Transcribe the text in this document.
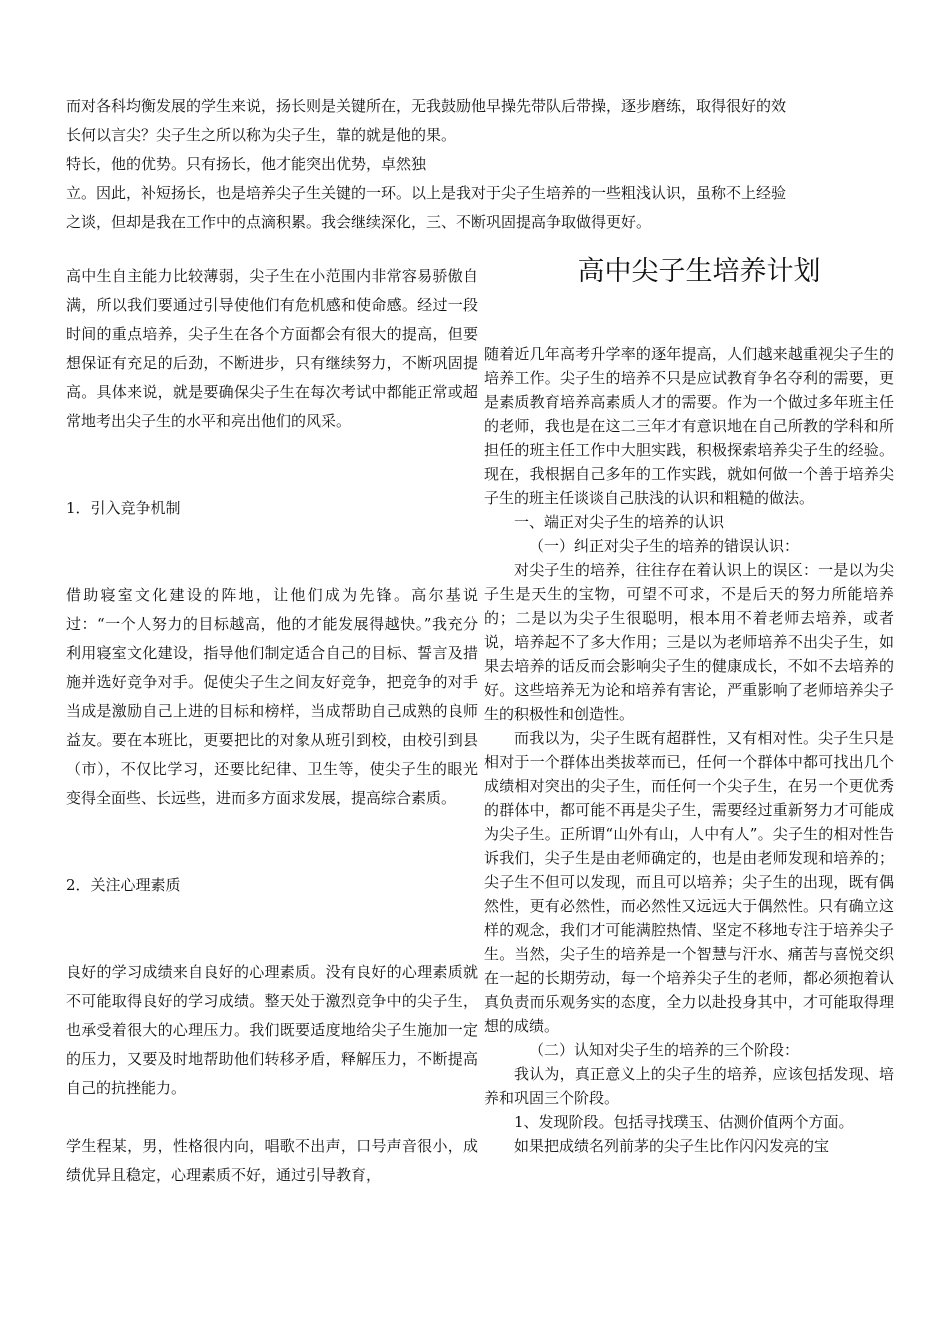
而对各科均衡发展的学生来说，扬长则是关键所在，无我鼓励他早操先带队后带操，逐步磨练，取得很好的效

长何以言尖？尖子生之所以称为尖子生，靠的就是他的果。

特长，他的优势。只有扬长，他才能突出优势，卓然独

立。因此，补短扬长，也是培养尖子生关键的一环。以上是我对于尖子生培养的一些粗浅认识，虽称不上经验

之谈，但却是我在工作中的点滴积累。我会继续深化，三、不断巩固提高争取做得更好。

高中生自主能力比较薄弱，尖子生在小范围内非常容易骄傲自满，所以我们要通过引导使他们有危机感和使命感。经过一段时间的重点培养，尖子生在各个方面都会有很大的提高，但要想保证有充足的后劲，不断进步，只有继续努力，不断巩固提高。具体来说，就是要确保尖子生在每次考试中都能正常或超常地考出尖子生的水平和亮出他们的风采。

1．引入竞争机制

借助寝室文化建设的阵地，让他们成为先锋。高尔基说过：“一个人努力的目标越高，他的才能发展得越快。”我充分利用寝室文化建设，指导他们制定适合自己的目标、誓言及措施并选好竞争对手。促使尖子生之间友好竞争，把竞争的对手当成是激励自己上进的目标和榜样，当成帮助自己成熟的良师益友。要在本班比，更要把比的对象从班引到校，由校引到县（市），不仅比学习，还要比纪律、卫生等，使尖子生的眼光变得全面些、长远些，进而多方面求发展，提高综合素质。

2．关注心理素质

良好的学习成绩来自良好的心理素质。没有良好的心理素质就不可能取得良好的学习成绩。整天处于激烈竞争中的尖子生，也承受着很大的心理压力。我们既要适度地给尖子生施加一定的压力，又要及时地帮助他们转移矛盾，释解压力，不断提高自己的抗挫能力。

学生程某，男，性格很内向，唱歌不出声，口号声音很小，成绩优异且稳定，心理素质不好，通过引导教育，

高中尖子生培养计划

随着近几年高考升学率的逐年提高，人们越来越重视尖子生的培养工作。尖子生的培养不只是应试教育争名夺利的需要，更是素质教育培养高素质人才的需要。作为一个做过多年班主任的老师，我也是在这二三年才有意识地在自己所教的学科和所担任的班主任工作中大胆实践，积极探索培养尖子生的经验。现在，我根据自己多年的工作实践，就如何做一个善于培养尖子生的班主任谈谈自己肤浅的认识和粗糙的做法。

一、端正对尖子生的培养的认识

（一）纠正对尖子生的培养的错误认识：

对尖子生的培养，往往存在着认识上的误区：一是以为尖子生是天生的宝物，可望不可求，不是后天的努力所能培养的；二是以为尖子生很聪明，根本用不着老师去培养，或者说，培养起不了多大作用；三是以为老师培养不出尖子生，如果去培养的话反而会影响尖子生的健康成长，不如不去培养的好。这些培养无为论和培养有害论，严重影响了老师培养尖子生的积极性和创造性。

而我以为，尖子生既有超群性，又有相对性。尖子生只是相对于一个群体出类拔萃而已，任何一个群体中都可找出几个成绩相对突出的尖子生，而任何一个尖子生，在另一个更优秀的群体中，都可能不再是尖子生，需要经过重新努力才可能成为尖子生。正所谓“山外有山，人中有人”。尖子生的相对性告诉我们，尖子生是由老师确定的，也是由老师发现和培养的；尖子生不但可以发现，而且可以培养；尖子生的出现，既有偶然性，更有必然性，而必然性又远远大于偶然性。只有确立这样的观念，我们才可能满腔热情、坚定不移地专注于培养尖子生。当然，尖子生的培养是一个智慧与汗水、痛苦与喜悦交织在一起的长期劳动，每一个培养尖子生的老师，都必须抱着认真负责而乐观务实的态度，全力以赴投身其中，才可能取得理想的成绩。

（二）认知对尖子生的培养的三个阶段：

我认为，真正意义上的尖子生的培养，应该包括发现、培养和巩固三个阶段。

1、发现阶段。包括寻找璞玉、估测价值两个方面。

如果把成绩名列前茅的尖子生比作闪闪发亮的宝
